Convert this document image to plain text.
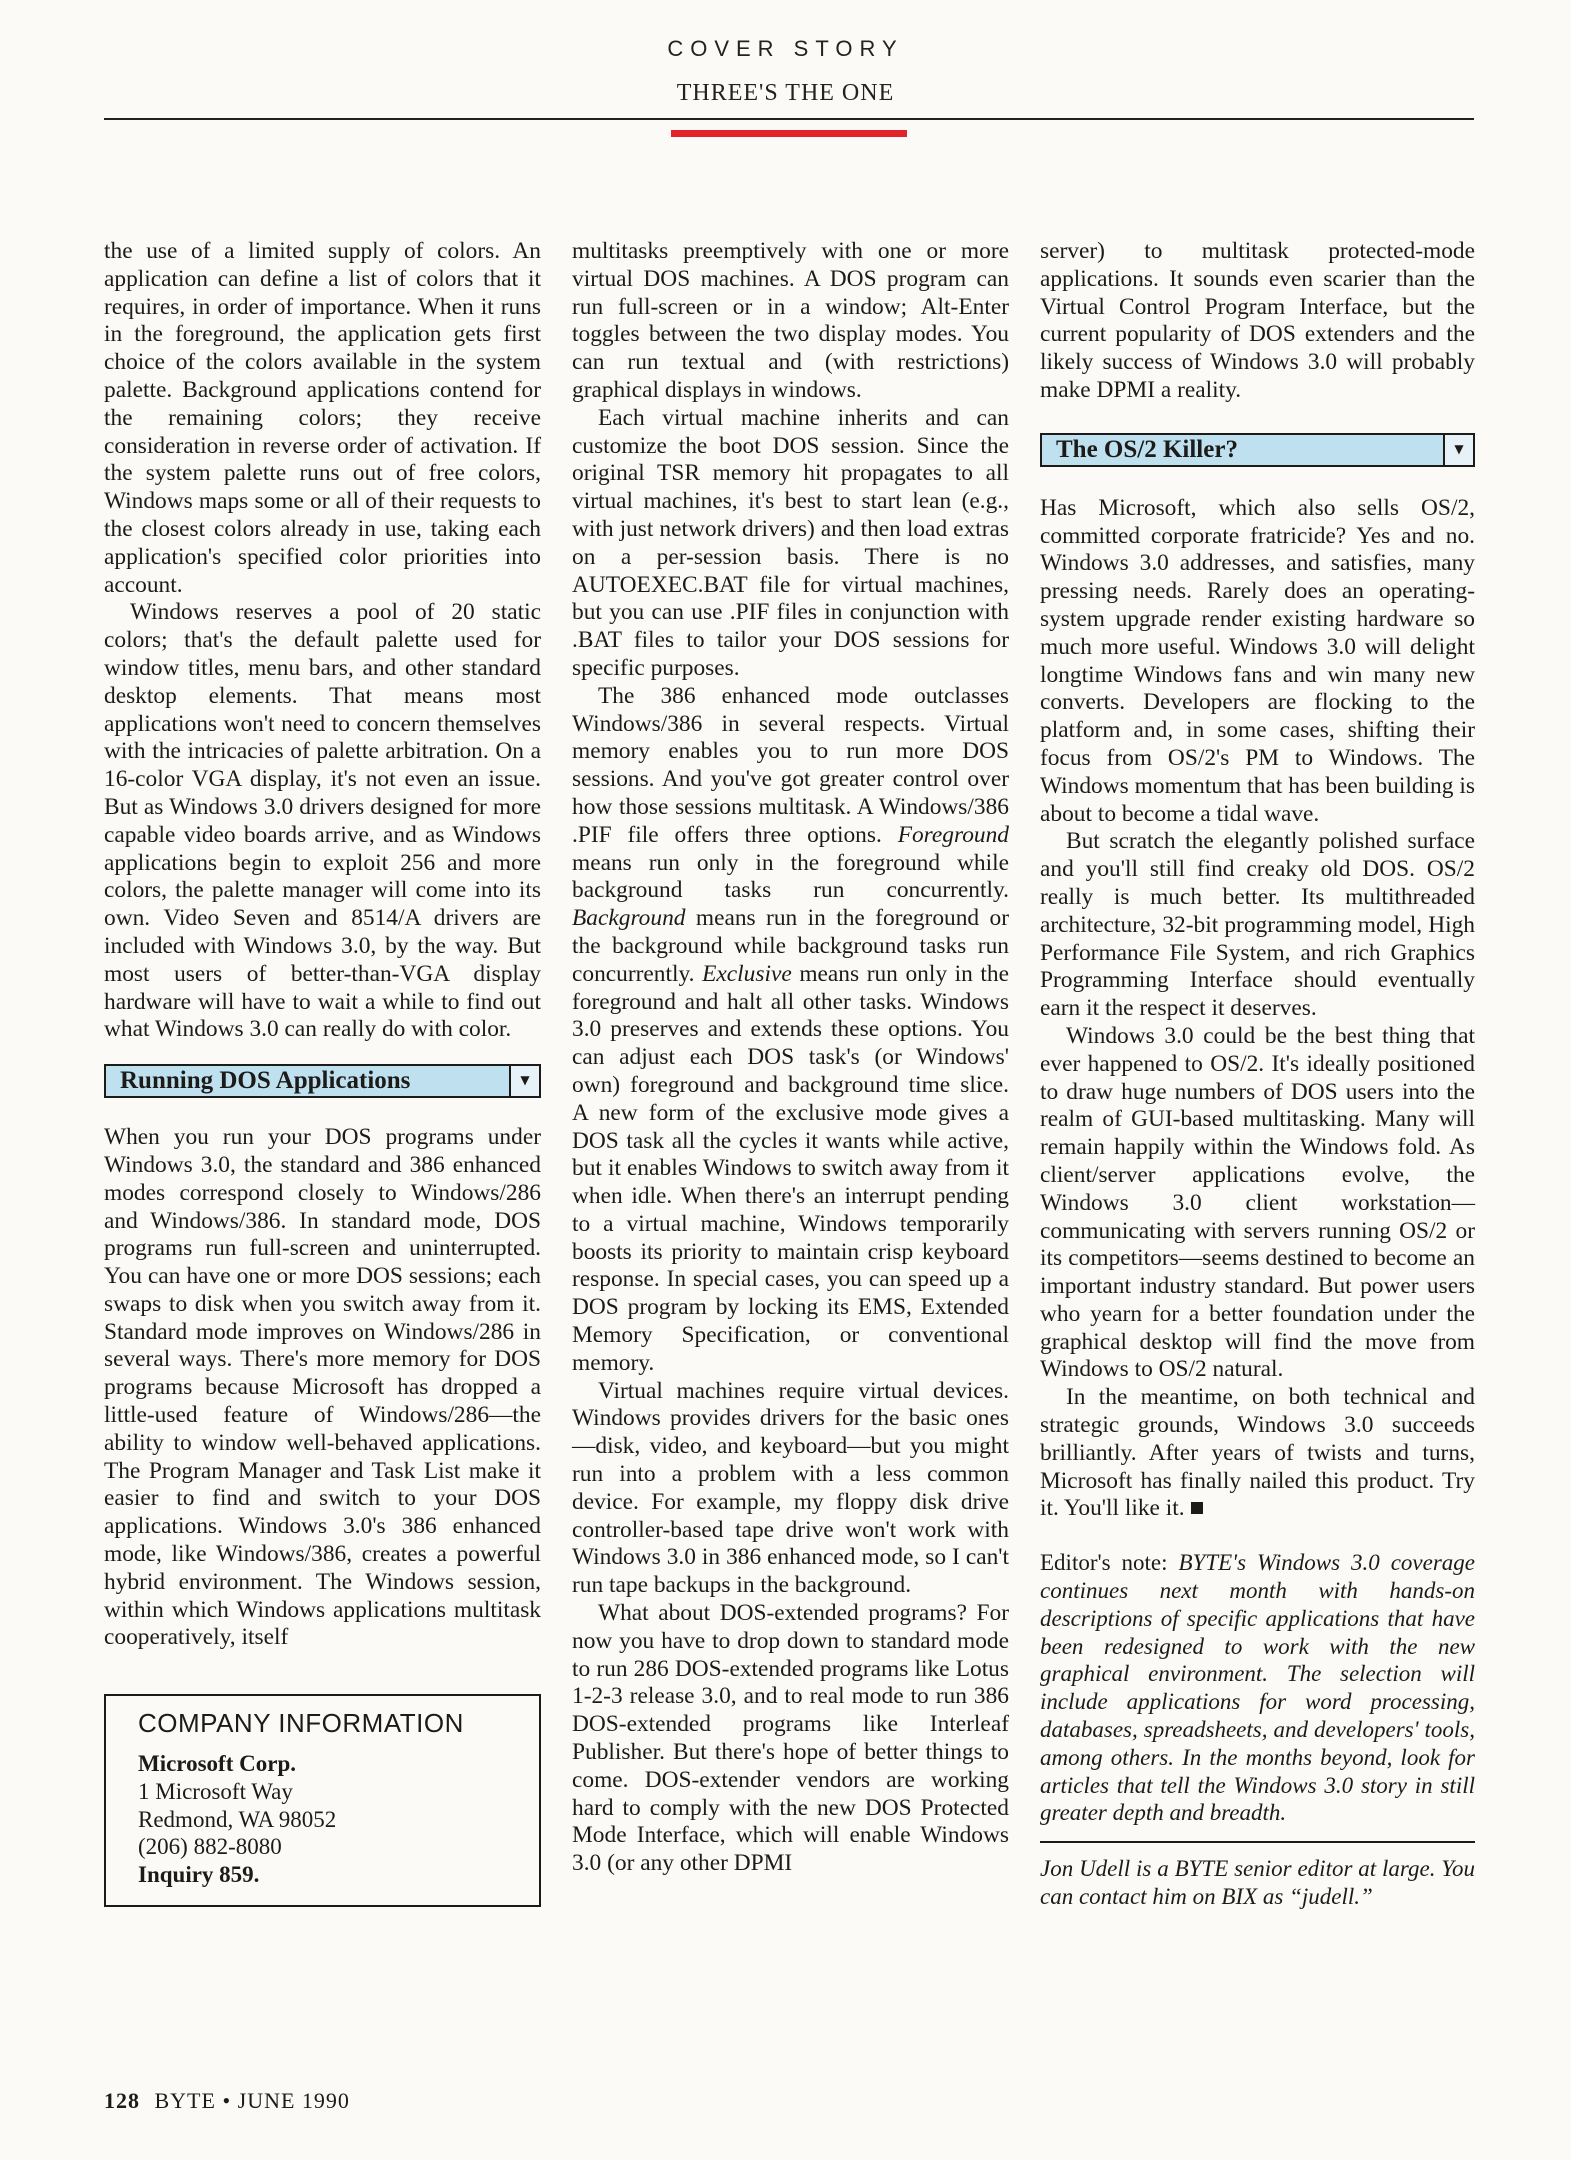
COVER STORY
THREE'S THE ONE

the use of a limited supply of colors. An application can define a list of colors that it requires, in order of importance. When it runs in the foreground, the application gets first choice of the colors available in the system palette. Background applications contend for the remaining colors; they receive consideration in reverse order of activation. If the system palette runs out of free colors, Windows maps some or all of their requests to the closest colors already in use, taking each application's specified color priorities into account.

Windows reserves a pool of 20 static colors; that's the default palette used for window titles, menu bars, and other standard desktop elements. That means most applications won't need to concern themselves with the intricacies of palette arbitration. On a 16-color VGA display, it's not even an issue. But as Windows 3.0 drivers designed for more capable video boards arrive, and as Windows applications begin to exploit 256 and more colors, the palette manager will come into its own. Video Seven and 8514/A drivers are included with Windows 3.0, by the way. But most users of better-than-VGA display hardware will have to wait a while to find out what Windows 3.0 can really do with color.

Running DOS Applications	▼

When you run your DOS programs under Windows 3.0, the standard and 386 enhanced modes correspond closely to Windows/286 and Windows/386. In standard mode, DOS programs run full-screen and uninterrupted. You can have one or more DOS sessions; each swaps to disk when you switch away from it. Standard mode improves on Windows/286 in several ways. There's more memory for DOS programs because Microsoft has dropped a little-used feature of Windows/286—the ability to window well-behaved applications. The Program Manager and Task List make it easier to find and switch to your DOS applications. Windows 3.0's 386 enhanced mode, like Windows/386, creates a powerful hybrid environment. The Windows session, within which Windows applications multitask cooperatively, itself

COMPANY INFORMATION
Microsoft Corp.
1 Microsoft Way
Redmond, WA 98052
(206) 882-8080
Inquiry 859.

multitasks preemptively with one or more virtual DOS machines. A DOS program can run full-screen or in a window; Alt-Enter toggles between the two display modes. You can run textual and (with restrictions) graphical displays in windows.

Each virtual machine inherits and can customize the boot DOS session. Since the original TSR memory hit propagates to all virtual machines, it's best to start lean (e.g., with just network drivers) and then load extras on a per-session basis. There is no AUTOEXEC.BAT file for virtual machines, but you can use .PIF files in conjunction with .BAT files to tailor your DOS sessions for specific purposes.

The 386 enhanced mode outclasses Windows/386 in several respects. Virtual memory enables you to run more DOS sessions. And you've got greater control over how those sessions multitask. A Windows/386 .PIF file offers three options. Foreground means run only in the foreground while background tasks run concurrently. Background means run in the foreground or the background while background tasks run concurrently. Exclusive means run only in the foreground and halt all other tasks. Windows 3.0 preserves and extends these options. You can adjust each DOS task's (or Windows' own) foreground and background time slice. A new form of the exclusive mode gives a DOS task all the cycles it wants while active, but it enables Windows to switch away from it when idle. When there's an interrupt pending to a virtual machine, Windows temporarily boosts its priority to maintain crisp keyboard response. In special cases, you can speed up a DOS program by locking its EMS, Extended Memory Specification, or conventional memory.

Virtual machines require virtual devices. Windows provides drivers for the basic ones—disk, video, and keyboard—but you might run into a problem with a less common device. For example, my floppy disk drive controller-based tape drive won't work with Windows 3.0 in 386 enhanced mode, so I can't run tape backups in the background.

What about DOS-extended programs? For now you have to drop down to standard mode to run 286 DOS-extended programs like Lotus 1-2-3 release 3.0, and to real mode to run 386 DOS-extended programs like Interleaf Publisher. But there's hope of better things to come. DOS-extender vendors are working hard to comply with the new DOS Protected Mode Interface, which will enable Windows 3.0 (or any other DPMI

server) to multitask protected-mode applications. It sounds even scarier than the Virtual Control Program Interface, but the current popularity of DOS extenders and the likely success of Windows 3.0 will probably make DPMI a reality.

The OS/2 Killer?	▼

Has Microsoft, which also sells OS/2, committed corporate fratricide? Yes and no. Windows 3.0 addresses, and satisfies, many pressing needs. Rarely does an operating-system upgrade render existing hardware so much more useful. Windows 3.0 will delight longtime Windows fans and win many new converts. Developers are flocking to the platform and, in some cases, shifting their focus from OS/2's PM to Windows. The Windows momentum that has been building is about to become a tidal wave.

But scratch the elegantly polished surface and you'll still find creaky old DOS. OS/2 really is much better. Its multithreaded architecture, 32-bit programming model, High Performance File System, and rich Graphics Programming Interface should eventually earn it the respect it deserves.

Windows 3.0 could be the best thing that ever happened to OS/2. It's ideally positioned to draw huge numbers of DOS users into the realm of GUI-based multitasking. Many will remain happily within the Windows fold. As client/server applications evolve, the Windows 3.0 client workstation—communicating with servers running OS/2 or its competitors—seems destined to become an important industry standard. But power users who yearn for a better foundation under the graphical desktop will find the move from Windows to OS/2 natural.

In the meantime, on both technical and strategic grounds, Windows 3.0 succeeds brilliantly. After years of twists and turns, Microsoft has finally nailed this product. Try it. You'll like it.

Editor's note: BYTE's Windows 3.0 coverage continues next month with hands-on descriptions of specific applications that have been redesigned to work with the new graphical environment. The selection will include applications for word processing, databases, spreadsheets, and developers' tools, among others. In the months beyond, look for articles that tell the Windows 3.0 story in still greater depth and breadth.
Jon Udell is a BYTE senior editor at large. You can contact him on BIX as “judell.”
128 BYTE • JUNE 1990
